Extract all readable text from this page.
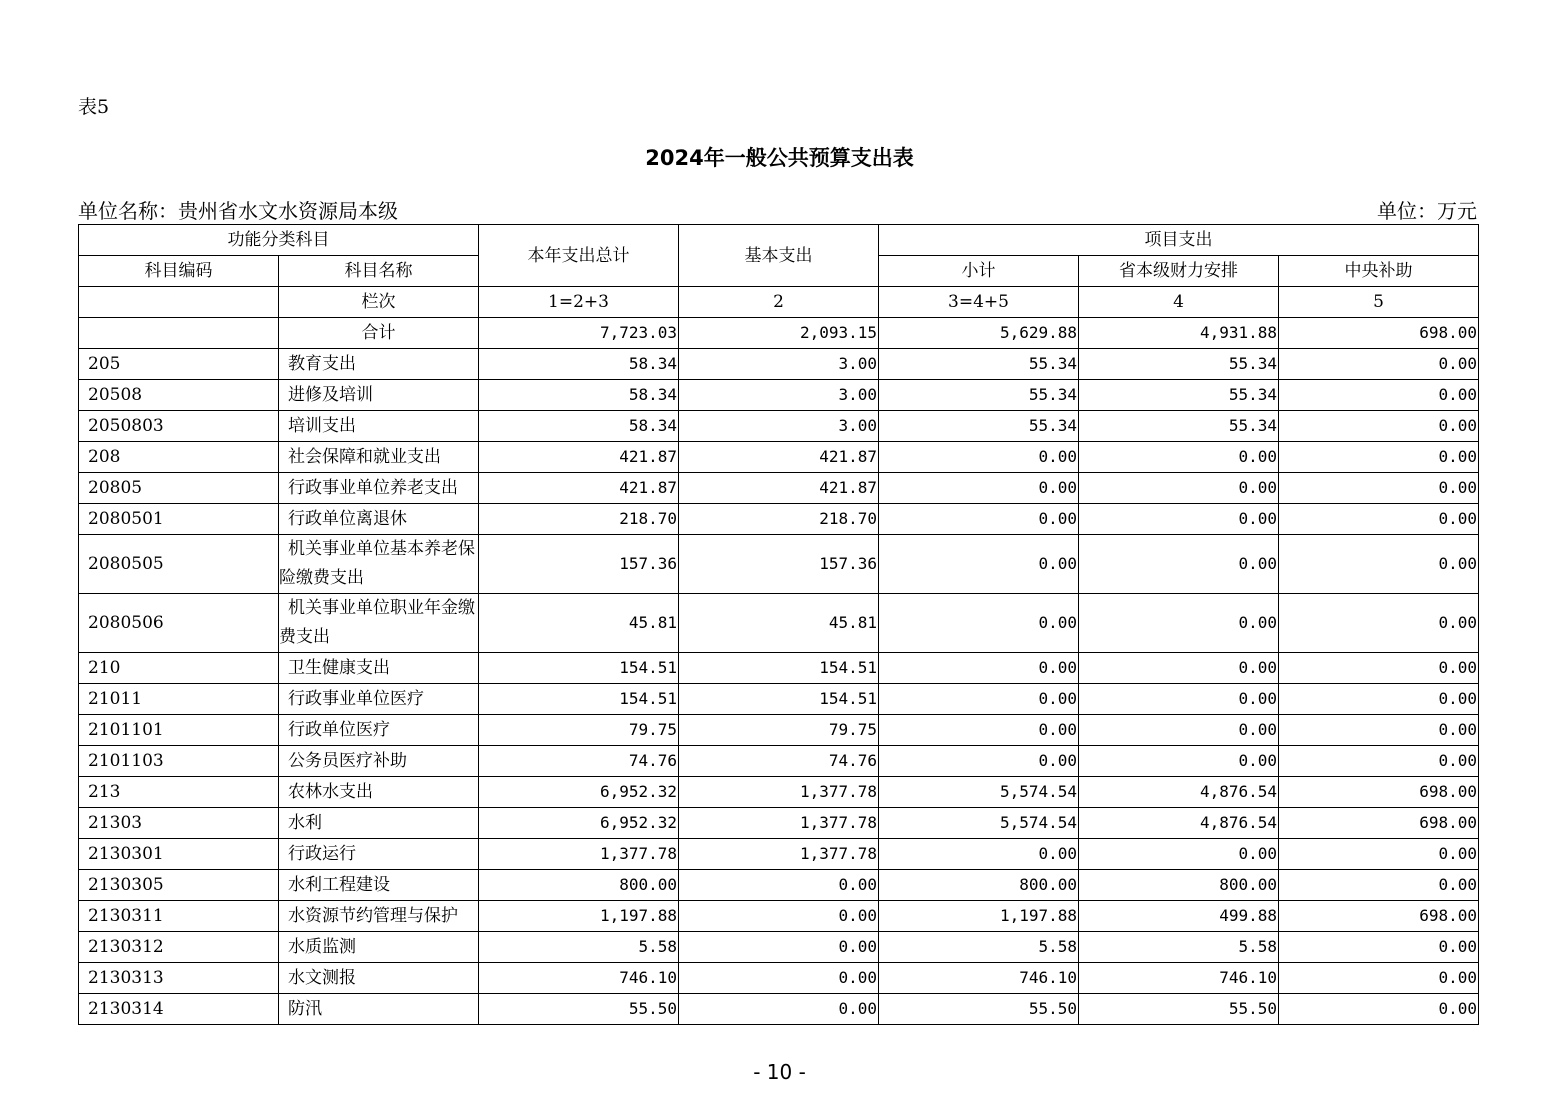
表5
2024年一般公共预算支出表
单位名称：贵州省水文水资源局本级	单位：万元
功能分类科目		本年支出总计	基本支出	项目支出		
科目编码	科目名称			小计	省本级财力安排	中央补助
	栏次	1=2+3	2	3=4+5	4	5
	合计	7,723.03	2,093.15	5,629.88	4,931.88	698.00
205	教育支出	58.34	3.00	55.34	55.34	0.00
20508	进修及培训	58.34	3.00	55.34	55.34	0.00
2050803	培训支出	58.34	3.00	55.34	55.34	0.00
208	社会保障和就业支出	421.87	421.87	0.00	0.00	0.00
20805	行政事业单位养老支出	421.87	421.87	0.00	0.00	0.00
2080501	行政单位离退休	218.70	218.70	0.00	0.00	0.00
2080505	机关事业单位基本养老保险缴费支出	157.36	157.36	0.00	0.00	0.00
2080506	机关事业单位职业年金缴费支出	45.81	45.81	0.00	0.00	0.00
210	卫生健康支出	154.51	154.51	0.00	0.00	0.00
21011	行政事业单位医疗	154.51	154.51	0.00	0.00	0.00
2101101	行政单位医疗	79.75	79.75	0.00	0.00	0.00
2101103	公务员医疗补助	74.76	74.76	0.00	0.00	0.00
213	农林水支出	6,952.32	1,377.78	5,574.54	4,876.54	698.00
21303	水利	6,952.32	1,377.78	5,574.54	4,876.54	698.00
2130301	行政运行	1,377.78	1,377.78	0.00	0.00	0.00
2130305	水利工程建设	800.00	0.00	800.00	800.00	0.00
2130311	水资源节约管理与保护	1,197.88	0.00	1,197.88	499.88	698.00
2130312	水质监测	5.58	0.00	5.58	5.58	0.00
2130313	水文测报	746.10	0.00	746.10	746.10	0.00
2130314	防汛	55.50	0.00	55.50	55.50	0.00
- 10 -
